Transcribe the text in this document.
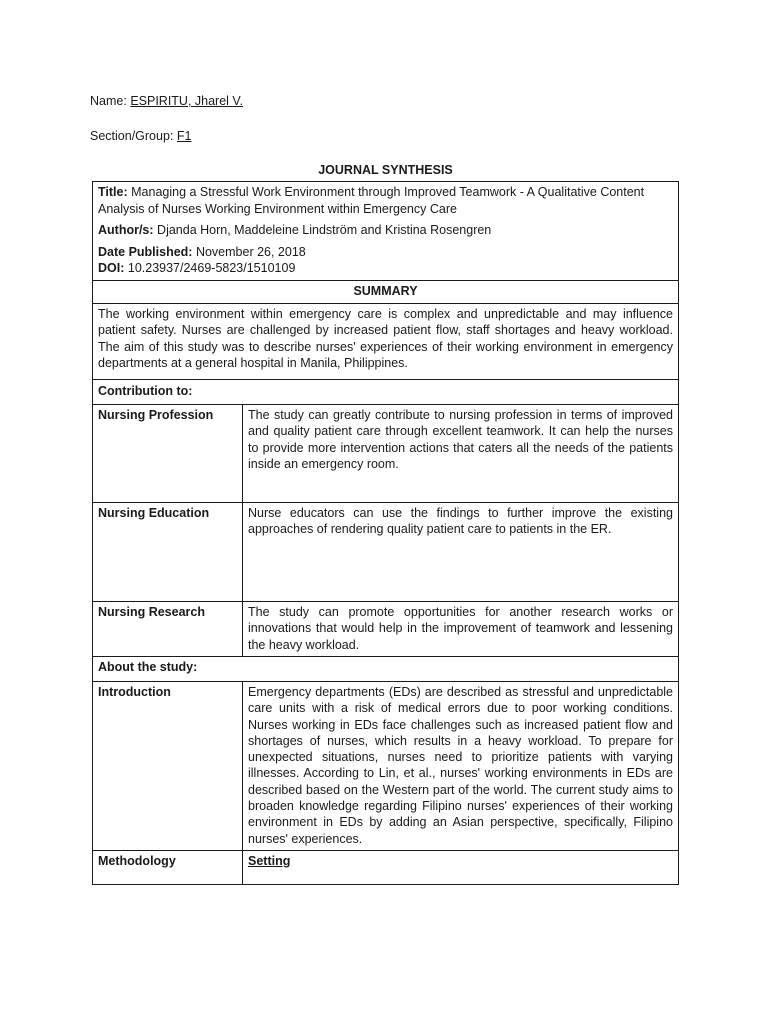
Name: ESPIRITU, Jharel V.
Section/Group: F1
JOURNAL SYNTHESIS

Title: Managing a Stressful Work Environment through Improved Teamwork - A Qualitative Content Analysis of Nurses Working Environment within Emergency Care

Author/s: Djanda Horn, Maddeleine Lindström and Kristina Rosengren

Date Published: November 26, 2018

DOI: 10.23937/2469-5823/1510109	

SUMMARY	
The working environment within emergency care is complex and unpredictable and may influence patient safety. Nurses are challenged by increased patient flow, staff shortages and heavy workload. The aim of this study was to describe nurses' experiences of their working environment in emergency departments at a general hospital in Manila, Philippines.	
Contribution to:	
Nursing Profession	The study can greatly contribute to nursing profession in terms of improved and quality patient care through excellent teamwork. It can help the nurses to provide more intervention actions that caters all the needs of the patients inside an emergency room.
Nursing Education	Nurse educators can use the findings to further improve the existing approaches of rendering quality patient care to patients in the ER.
Nursing Research	The study can promote opportunities for another research works or innovations that would help in the improvement of teamwork and lessening the heavy workload.
About the study:	
Introduction	Emergency departments (EDs) are described as stressful and unpredictable care units with a risk of medical errors due to poor working conditions. Nurses working in EDs face challenges such as increased patient flow and shortages of nurses, which results in a heavy workload. To prepare for unexpected situations, nurses need to prioritize patients with varying illnesses. According to Lin, et al., nurses' working environments in EDs are described based on the Western part of the world. The current study aims to broaden knowledge regarding Filipino nurses' experiences of their working environment in EDs by adding an Asian perspective, specifically, Filipino nurses' experiences.
Methodology	Setting
